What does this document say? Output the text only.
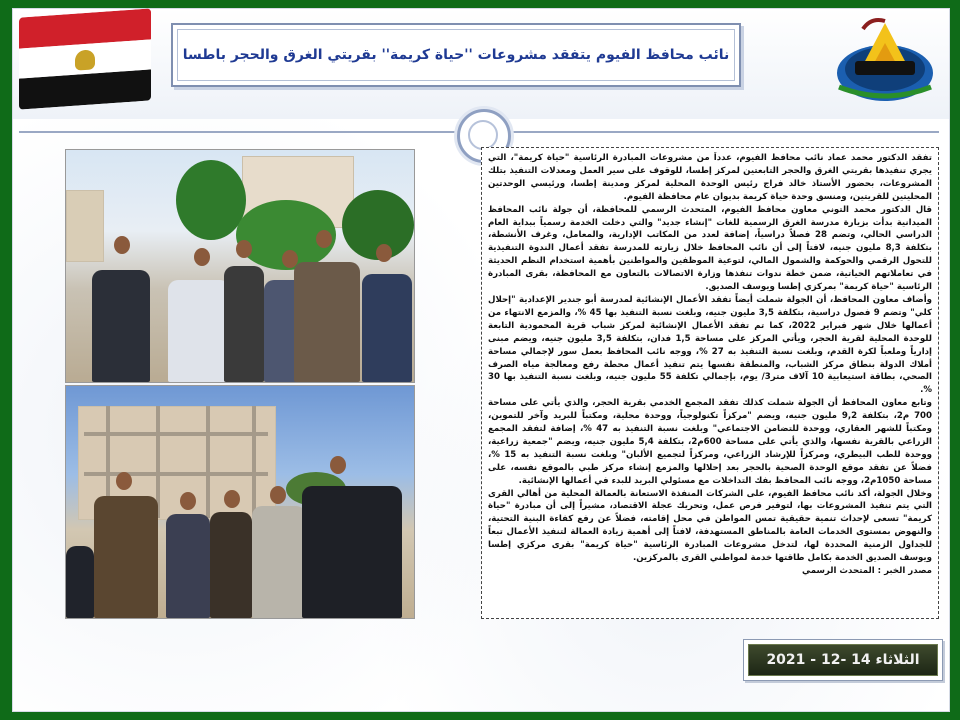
نائب محافظ الفيوم يتفقد مشروعات ''حياة كريمة'' بقريتي الغرق والحجر باطسا

تفقد الدكتور محمد عماد نائب محافظ الفيوم، عدداً من مشروعات المبادرة الرئاسية "حياة كريمة"، التي يجري تنفيذها بقريتي الغرق والحجر التابعتين لمركز إطسا، للوقوف على سير العمل ومعدلات التنفيذ بتلك المشروعات، بحضور الأستاذ خالد فراج رئيس الوحدة المحلية لمركز ومدينة إطسا، ورئيسي الوحدتين المحليتين للقريتين، ومنسق وحدة حياة كريمة بديوان عام محافظة الفيوم.

قال الدكتور محمد التوني معاون محافظ الفيوم، المتحدث الرسمي للمحافظة، أن جولة نائب المحافظ الميدانية بدأت بزيارة مدرسة الغرق الرسمية للغات "إنشاء جديد" والتي دخلت الخدمة رسمياً ببداية العام الدراسي الحالي، وتضم 28 فصلاً دراسياً، إضافة لعدد من المكاتب الإدارية، والمعامل، وغرف الأنشطة، بتكلفة 8,3 مليون جنيه، لافتاً إلى أن نائب المحافظ خلال زيارته للمدرسة تفقد أعمال الندوة التنفيذية للتحول الرقمي والحوكمة والشمول المالي، لتوعية الموظفين والمواطنين بأهمية استخدام النظم الحديثة في تعاملاتهم الحياتية، ضمن خطة ندوات تنفذها وزارة الاتصالات بالتعاون مع المحافظة، بقرى المبادرة الرئاسية "حياة كريمة" بمركزي إطسا ويوسف الصديق.

وأضاف معاون المحافظ، أن الجولة شملت أيضاً تفقد الأعمال الإنشائية لمدرسة أبو جندير الإعدادية "إحلال كلي" وتضم 9 فصول دراسية، بتكلفة 3,5 مليون جنيه، وبلغت نسبة التنفيذ بها 45 %، والمزمع الانتهاء من أعمالها خلال شهر فبراير 2022، كما تم تفقد الأعمال الإنشائية لمركز شباب قرية المحمودية التابعة للوحدة المحلية لقرية الحجر، ويأتي المركز على مساحة 1,5 فدان، بتكلفة 3,5 مليون جنيه، ويضم مبنى إدارياً وملعباً لكرة القدم، وبلغت نسبة التنفيذ به 27 %، ووجه نائب المحافظ بعمل سور لإجمالي مساحة أملاك الدولة بنطاق مركز الشباب، والمنطقة نفسها يتم تنفيذ أعمال محطة رفع ومعالجة مياه الصرف الصحي، بطاقة استيعابية 10 آلاف متر3/ يوم، بإجمالي تكلفة 55 مليون جنيه، وبلغت نسبة التنفيذ بها 30 %.

وتابع معاون المحافظ أن الجولة شملت كذلك تفقد المجمع الخدمي بقرية الحجر، والذي يأتي على مساحة 700 م2، بتكلفة 9,2 مليون جنيه، ويضم "مركزاً تكنولوجياً، ووحدة محلية، ومكتباً للبريد وآخر للتموين، ومكتباً للشهر العقاري، ووحدة للتضامن الاجتماعي" وبلغت نسبة التنفيذ به 47 %، إضافة لتفقد المجمع الزراعي بالقرية نفسها، والذي يأتي على مساحة 600م2، بتكلفة 5,4 مليون جنيه، ويضم "جمعية زراعية، ووحدة للطب البيطري، ومركزاً للإرشاد الزراعي، ومركزاً لتجميع الألبان" وبلغت نسبة التنفيذ به 15 %، فضلاً عن تفقد موقع الوحدة الصحية بالحجر بعد إحلالها والمزمع إنشاء مركز طبي بالموقع نفسه، على مساحة 1050م2، ووجه نائب المحافظ بفك التداخلات مع مسئولي البريد للبدء في أعمالها الإنشائية.

وخلال الجولة، أكد نائب محافظ الفيوم، على الشركات المنفذة الاستعانة بالعمالة المحلية من أهالي القرى التي يتم تنفيذ المشروعات بها، لتوفير فرص عمل، وتحريك عجلة الاقتصاد، مشيراً إلى أن مبادرة "حياة كريمة" تسعى لإحداث تنمية حقيقية تمس المواطن في محل إقامته، فضلاً عن رفع كفاءة البنية التحتية، والنهوض بمستوى الخدمات العامة بالمناطق المستهدفة، لافتاً إلى أهمية زيادة العمالة لتنفيذ الأعمال تبعاً للجداول الزمنية المحددة لها، لتدخل مشروعات المبادرة الرئاسية "حياة كريمة" بقرى مركزي إطسا ويوسف الصديق الخدمة بكامل طاقتها خدمة لمواطني القرى بالمركزين.

مصدر الخبر : المتحدث الرسمي

الثلاثاء 14 -12 - 2021
